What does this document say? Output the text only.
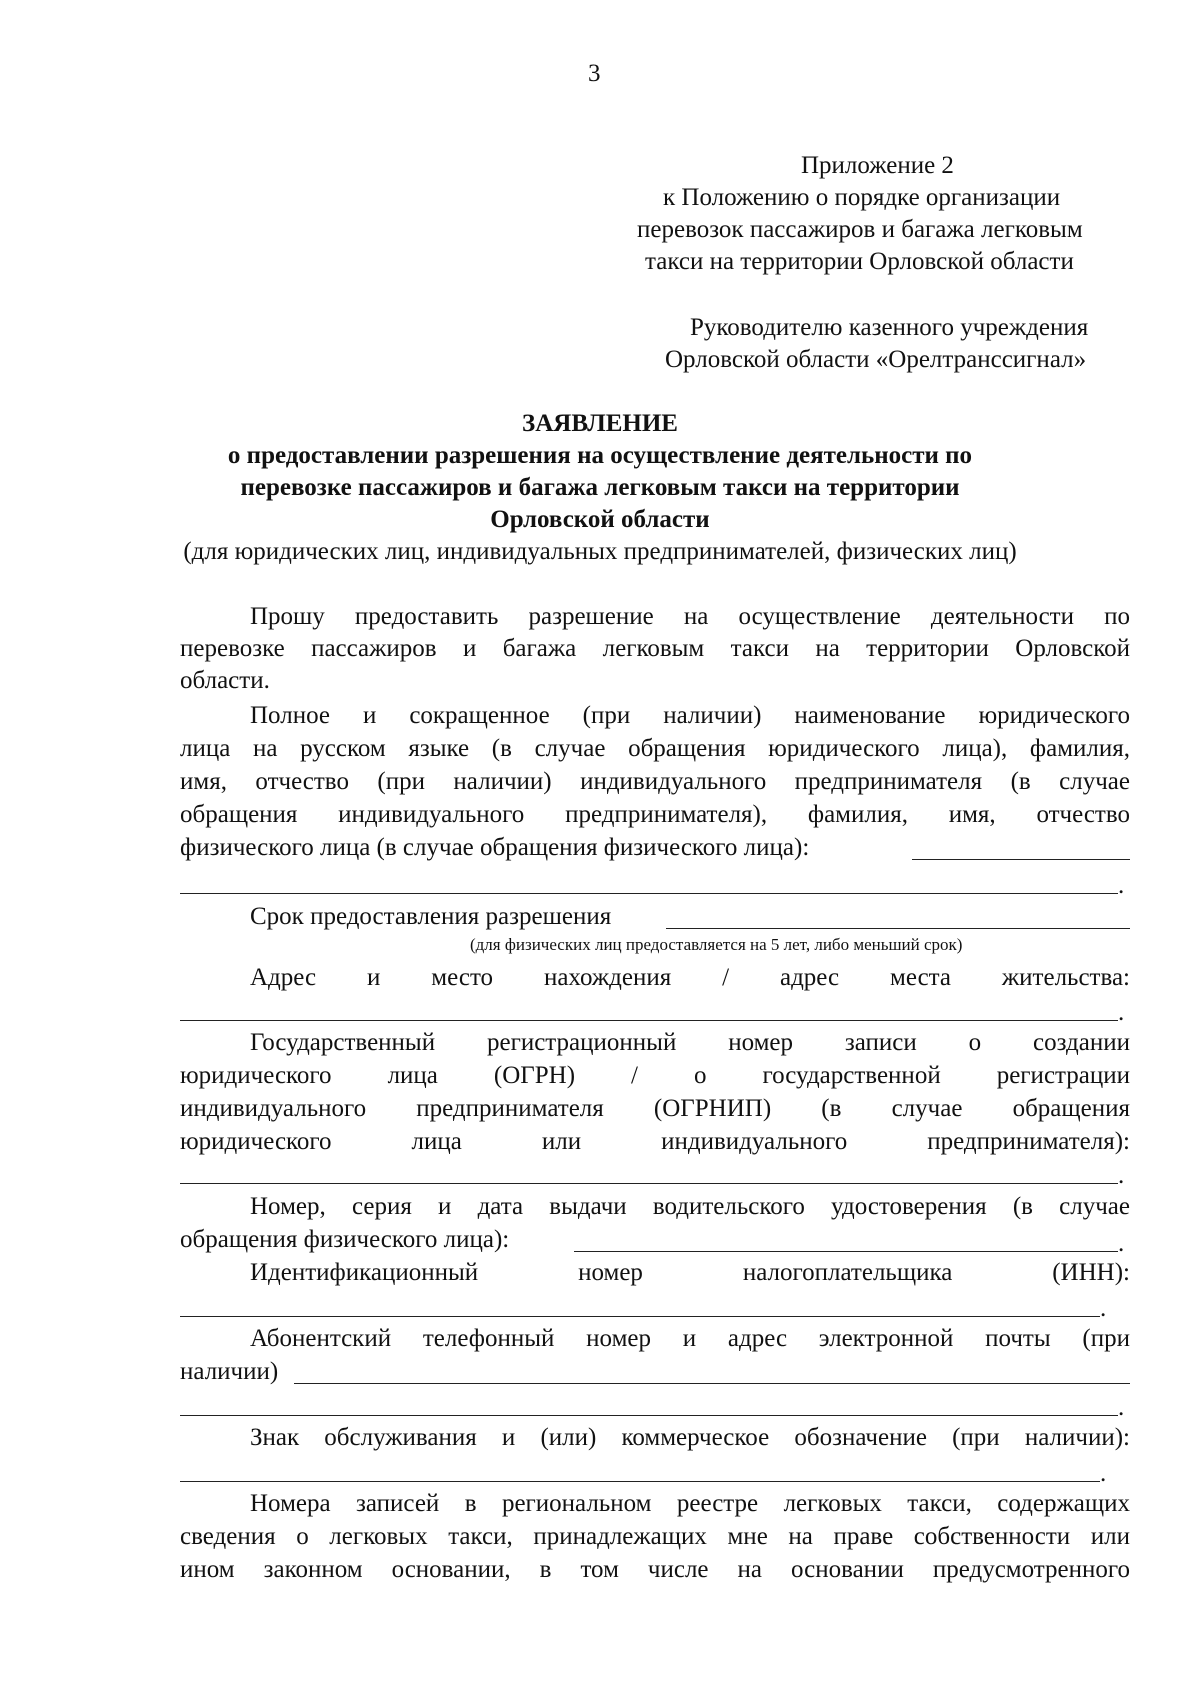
3
Приложение 2
к Положению о порядке организации
перевозок пассажиров и багажа легковым
такси на территории Орловской области
Руководителю казенного учреждения
Орловской области «Орелтранссигнал»
ЗАЯВЛЕНИЕ
о предоставлении разрешения на осуществление деятельности по
перевозке пассажиров и багажа легковым такси на территории
Орловской области
(для юридических лиц, индивидуальных предпринимателей, физических лиц)
Прошу предоставить разрешение на осуществление деятельности по
перевозке пассажиров и багажа легковым такси на территории Орловской
области.
Полное и сокращенное (при наличии) наименование юридического
лица на русском языке (в случае обращения юридического лица), фамилия,
имя, отчество (при наличии) индивидуального предпринимателя (в случае
обращения индивидуального предпринимателя), фамилия, имя, отчество
физического лица (в случае обращения физического лица):
.
Срок предоставления разрешения
(для физических лиц предоставляется на 5 лет, либо меньший срок)
Адрес и место нахождения / адрес места жительства:
.
Государственный регистрационный номер записи о создании
юридического лица (ОГРН) / о государственной регистрации
индивидуального предпринимателя (ОГРНИП) (в случае обращения
юридического лица или индивидуального предпринимателя):
.
Номер, серия и дата выдачи водительского удостоверения (в случае
обращения физического лица):	.
Идентификационный номер налогоплательщика (ИНН):
.
Абонентский телефонный номер и адрес электронной почты (при
наличии)
.
Знак обслуживания и (или) коммерческое обозначение (при наличии):
.
Номера записей в региональном реестре легковых такси, содержащих
сведения о легковых такси, принадлежащих мне на праве собственности или
ином законном основании, в том числе на основании предусмотренного
